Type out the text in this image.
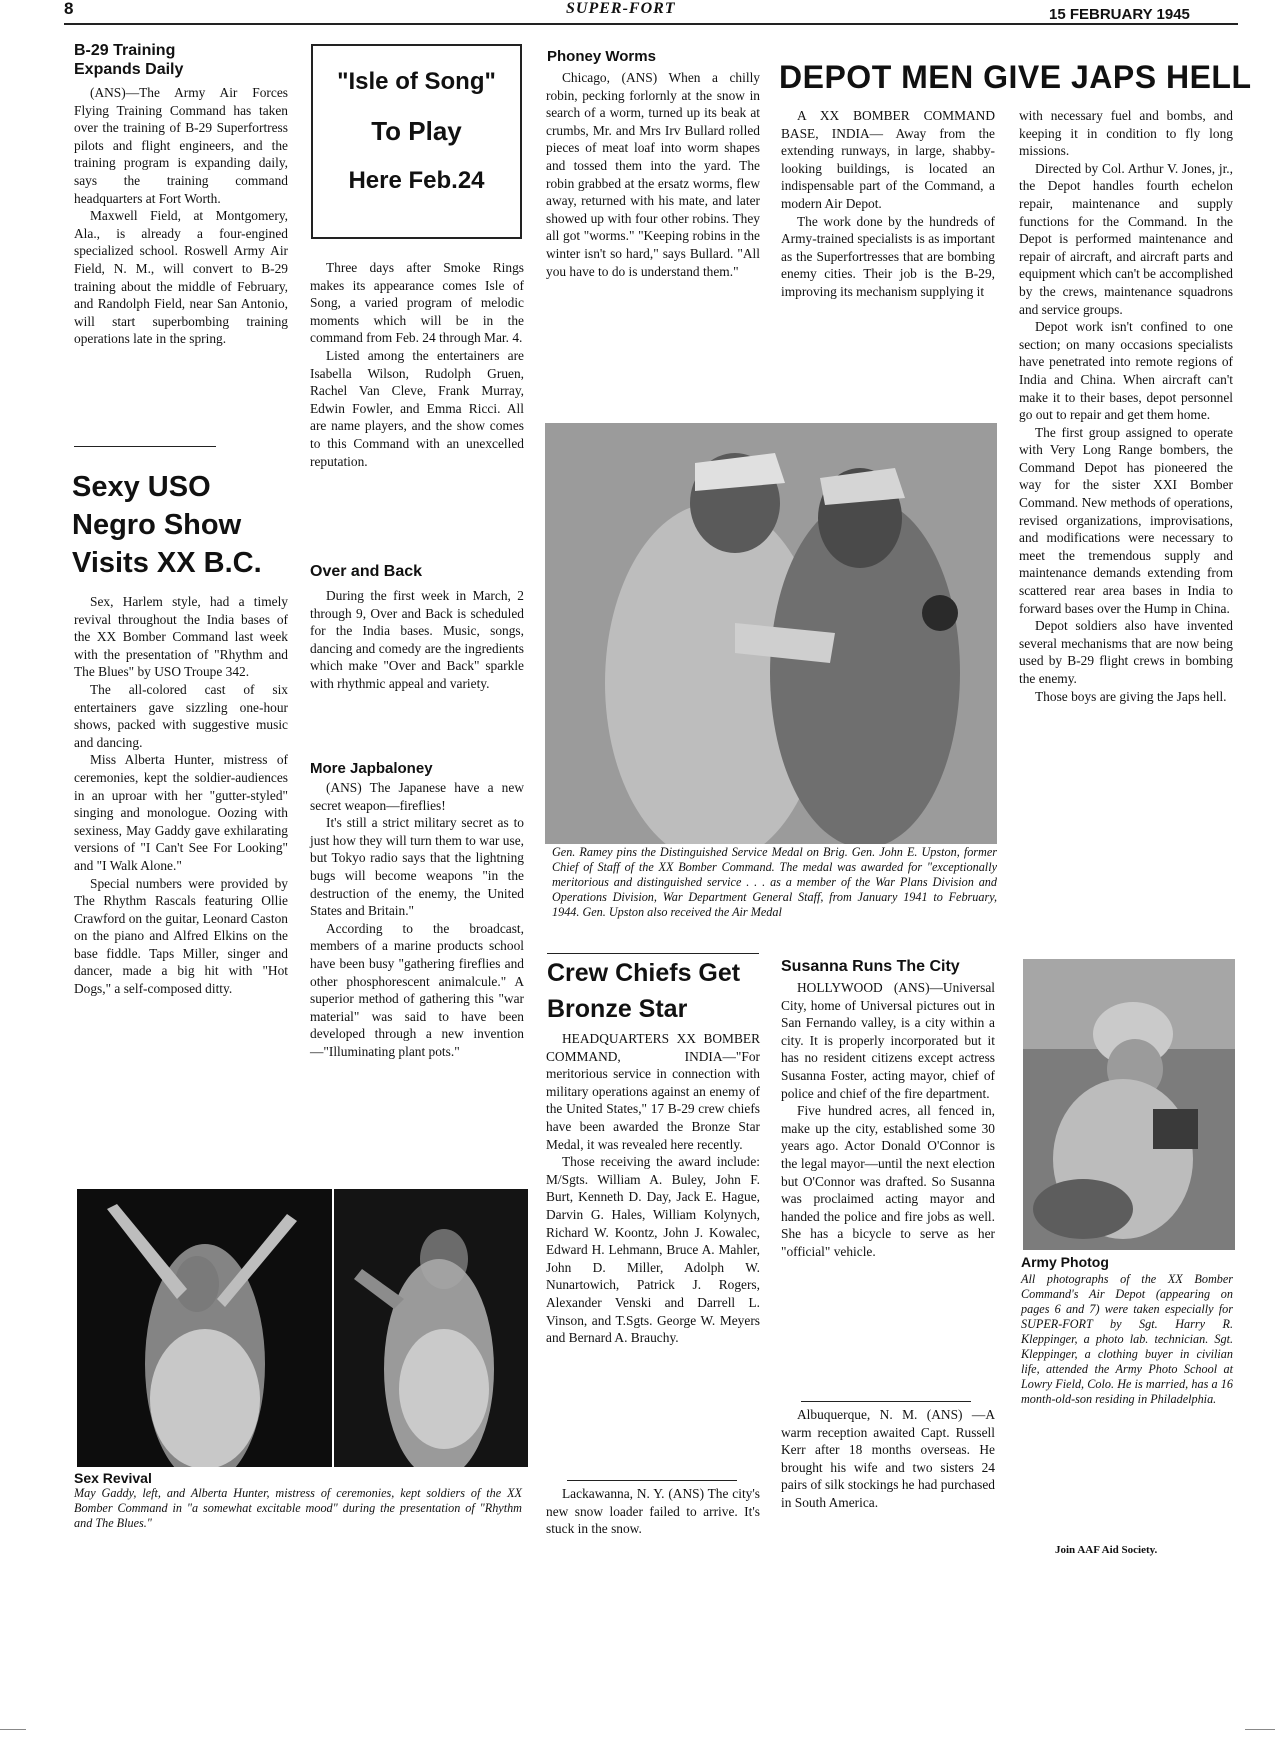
8	SUPER-FORT	15 FEBRUARY 1945
B-29 Training Expands Daily

(ANS)—The Army Air Forces Flying Training Command has taken over the training of B-29 Superfortress pilots and flight engineers, and the training program is expanding daily, says the training command headquarters at Fort Worth.

Maxwell Field, at Montgomery, Ala., is already a four-engined specialized school. Roswell Army Air Field, N. M., will convert to B-29 training about the middle of February, and Randolph Field, near San Antonio, will start superbombing training operations late in the spring.

Sexy USO Negro Show Visits XX B.C.

Sex, Harlem style, had a timely revival throughout the India bases of the XX Bomber Command last week with the presentation of "Rhythm and The Blues" by USO Troupe 342.

The all-colored cast of six entertainers gave sizzling one-hour shows, packed with suggestive music and dancing.

Miss Alberta Hunter, mistress of ceremonies, kept the soldier-audiences in an uproar with her "gutter-styled" singing and monologue. Oozing with sexiness, May Gaddy gave exhilarating versions of "I Can't See For Looking" and "I Walk Alone."

Special numbers were provided by The Rhythm Rascals featuring Ollie Crawford on the guitar, Leonard Caston on the piano and Alfred Elkins on the base fiddle. Taps Miller, singer and dancer, made a big hit with "Hot Dogs," a self-composed ditty.

"Isle of Song"
To Play
Here Feb.24

Three days after Smoke Rings makes its appearance comes Isle of Song, a varied program of melodic moments which will be in the command from Feb. 24 through Mar. 4.

Listed among the entertainers are Isabella Wilson, Rudolph Gruen, Rachel Van Cleve, Frank Murray, Edwin Fowler, and Emma Ricci. All are name players, and the show comes to this Command with an unexcelled reputation.

Over and Back

During the first week in March, 2 through 9, Over and Back is scheduled for the India bases. Music, songs, dancing and comedy are the ingredients which make "Over and Back" sparkle with rhythmic appeal and variety.

More Japbaloney

(ANS) The Japanese have a new secret weapon—fireflies!

It's still a strict military secret as to just how they will turn them to war use, but Tokyo radio says that the lightning bugs will become weapons "in the destruction of the enemy, the United States and Britain."

According to the broadcast, members of a marine products school have been busy "gathering fireflies and other phosphorescent animalcule." A superior method of gathering this "war material" was said to have been developed through a new invention—"Illuminating plant pots."

Sex Revival
May Gaddy, left, and Alberta Hunter, mistress of ceremonies, kept soldiers of the XX Bomber Command in "a somewhat excitable mood" during the presentation of "Rhythm and The Blues."
Phoney Worms

Chicago, (ANS) When a chilly robin, pecking forlornly at the snow in search of a worm, turned up its beak at crumbs, Mr. and Mrs Irv Bullard rolled pieces of meat loaf into worm shapes and tossed them into the yard. The robin grabbed at the ersatz worms, flew away, returned with his mate, and later showed up with four other robins. They all got "worms." "Keeping robins in the winter isn't so hard," says Bullard. "All you have to do is understand them."

DEPOT MEN GIVE JAPS HELL

A XX BOMBER COMMAND BASE, INDIA— Away from the extending runways, in large, shabby-looking buildings, is located an indispensable part of the Command, a modern Air Depot.

The work done by the hundreds of Army-trained specialists is as important as the Superfortresses that are bombing enemy cities. Their job is the B-29, improving its mechanism supplying it

with necessary fuel and bombs, and keeping it in condition to fly long missions.

Directed by Col. Arthur V. Jones, jr., the Depot handles fourth echelon repair, maintenance and supply functions for the Command. In the Depot is performed maintenance and repair of aircraft, and aircraft parts and equipment which can't be accomplished by the crews, maintenance squadrons and service groups.

Depot work isn't confined to one section; on many occasions specialists have penetrated into remote regions of India and China. When aircraft can't make it to their bases, depot personnel go out to repair and get them home.

The first group assigned to operate with Very Long Range bombers, the Command Depot has pioneered the way for the sister XXI Bomber Command. New methods of operations, revised organizations, improvisations, and modifications were necessary to meet the tremendous supply and maintenance demands extending from scattered rear area bases in India to forward bases over the Hump in China.

Depot soldiers also have invented several mechanisms that are now being used by B-29 flight crews in bombing the enemy.

Those boys are giving the Japs hell.

Gen. Ramey pins the Distinguished Service Medal on Brig. Gen. John E. Upston, former Chief of Staff of the XX Bomber Command. The medal was awarded for "exceptionally meritorious and distinguished service . . . as a member of the War Plans Division and Operations Division, War Department General Staff, from January 1941 to February, 1944. Gen. Upston also received the Air Medal
Crew Chiefs Get Bronze Star

HEADQUARTERS XX BOMBER COMMAND, INDIA—"For meritorious service in connection with military operations against an enemy of the United States," 17 B-29 crew chiefs have been awarded the Bronze Star Medal, it was revealed here recently.

Those receiving the award include: M/Sgts. William A. Buley, John F. Burt, Kenneth D. Day, Jack E. Hague, Darvin G. Hales, William Kolynych, Richard W. Koontz, John J. Kowalec, Edward H. Lehmann, Bruce A. Mahler, John D. Miller, Adolph W. Nunartowich, Patrick J. Rogers, Alexander Venski and Darrell L. Vinson, and T.Sgts. George W. Meyers and Bernard A. Brauchy.

Lackawanna, N. Y. (ANS) The city's new snow loader failed to arrive. It's stuck in the snow.

Susanna Runs The City

HOLLYWOOD (ANS)—Universal City, home of Universal pictures out in San Fernando valley, is a city within a city. It is properly incorporated but it has no resident citizens except actress Susanna Foster, acting mayor, chief of police and chief of the fire department.

Five hundred acres, all fenced in, make up the city, established some 30 years ago. Actor Donald O'Connor is the legal mayor—until the next election but O'Connor was drafted. So Susanna was proclaimed acting mayor and handed the police and fire jobs as well. She has a bicycle to serve as her "official" vehicle.

Albuquerque, N. M. (ANS) —A warm reception awaited Capt. Russell Kerr after 18 months overseas. He brought his wife and two sisters 24 pairs of silk stockings he had purchased in South America.

Army Photog
All photographs of the XX Bomber Command's Air Depot (appearing on pages 6 and 7) were taken especially for SUPER-FORT by Sgt. Harry R. Kleppinger, a photo lab. technician. Sgt. Kleppinger, a clothing buyer in civilian life, attended the Army Photo School at Lowry Field, Colo. He is married, has a 16 month-old-son residing in Philadelphia.
Join AAF Aid Society.
